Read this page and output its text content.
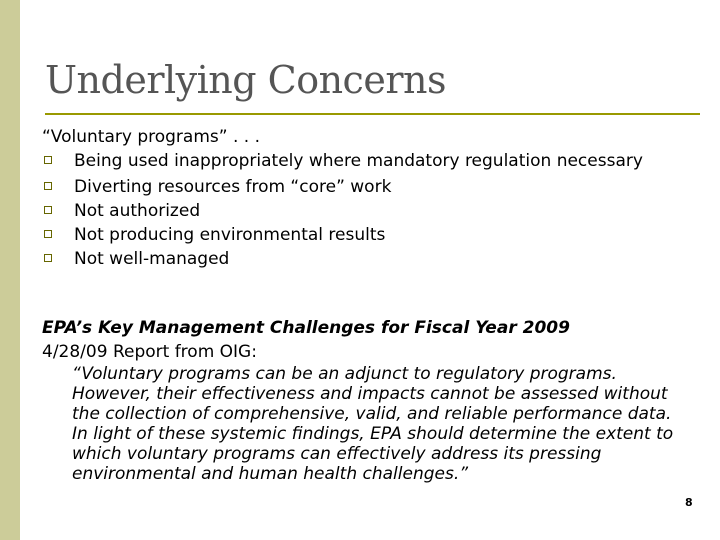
Underlying Concerns
“Voluntary programs” . . .
Being used inappropriately where mandatory regulation necessary
Diverting resources from “core” work
Not authorized
Not producing environmental results
Not well-managed
EPA’s Key Management Challenges for Fiscal Year 2009
4/28/09 Report from OIG:
“Voluntary programs can be an adjunct to regulatory programs. However, their effectiveness and impacts cannot be assessed without the collection of comprehensive, valid, and reliable performance data. In light of these systemic findings, EPA should determine the extent to which voluntary programs can effectively address its pressing environmental and human health challenges.”
8
